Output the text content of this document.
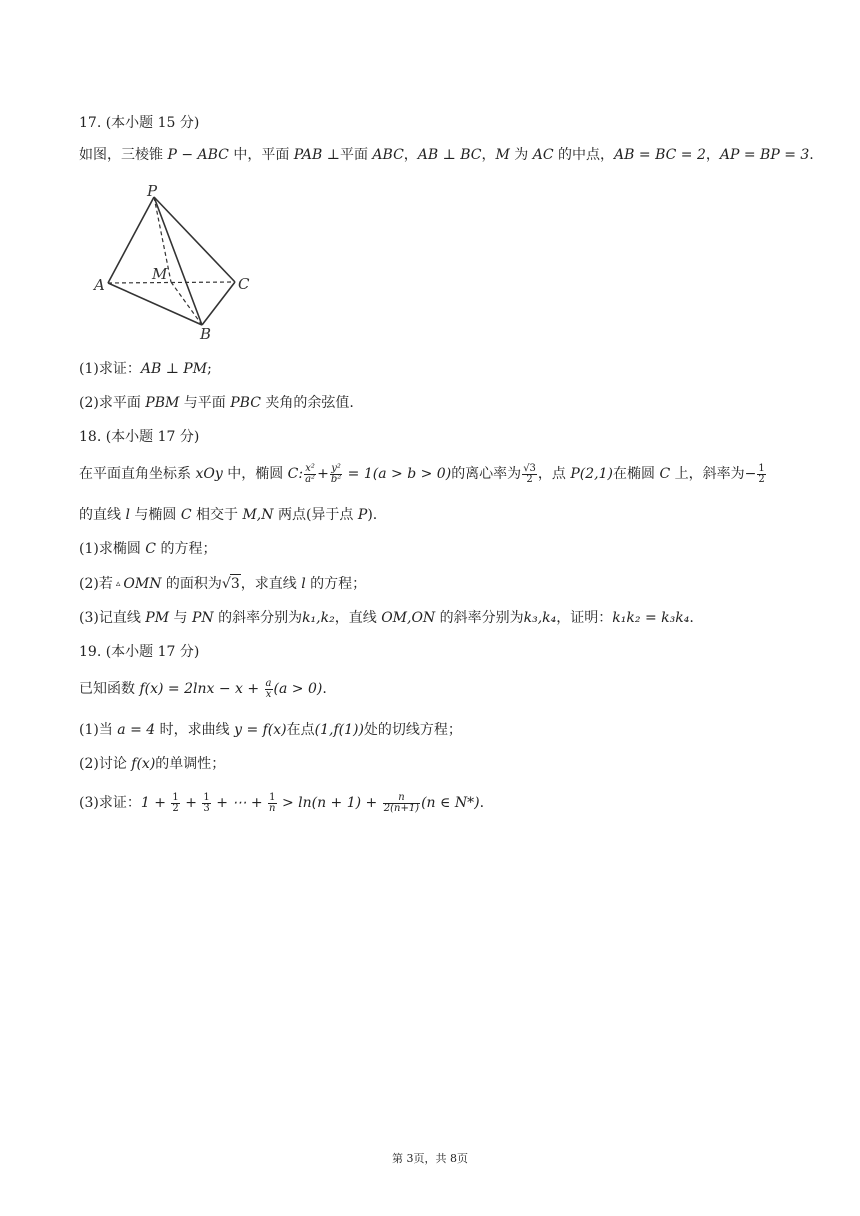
17. (本小题 15 分)
如图，三棱锥 P − ABC 中，平面 PAB ⊥平面 ABC，AB ⊥ BC，M 为 AC 的中点，AB = BC = 2，AP = BP = 3.
P
A
B
C
M
(1)求证：AB ⊥ PM;
(2)求平面 PBM 与平面 PBC 夹角的余弦值.
18. (本小题 17 分)
在平面直角坐标系 xOy 中，椭圆 C: $\frac{\text{x²}}{\text{a²}} + \frac{\text{y²}}{\text{b²}} = 1(a > b > 0)$的离心率为 $\frac{√3}{2}$ ，点 P(2,1)在椭圆 C 上，斜率为− $\frac{1}{2}$
的直线 l 与椭圆 C 相交于 M,N 两点(异于点 P).
(1)求椭圆 C 的方程；
(2)若 ▵ OMN 的面积为√3，求直线 l 的方程；
(3)记直线 PM 与 PN 的斜率分别为k₁,k₂，直线 OM,ON 的斜率分别为k₃,k₄，证明：k₁k₂ = k₃k₄.
19. (本小题 17 分)
已知函数 $f(x) = 2\ln x - x + \frac{a}{x} (a > 0)$.
(1)当 a = 4 时，求曲线 y = f(x)在点(1,f(1))处的切线方程；
(2)讨论 f(x)的单调性；
(3)求证：$1 + \frac{1}{2} + \frac{1}{3}$ + ⋯ + $\frac{1}{n} > \ln(n + 1) + \frac{n}{2(n+1)} (n$ ∈ N*).
第 3页，共 8页
